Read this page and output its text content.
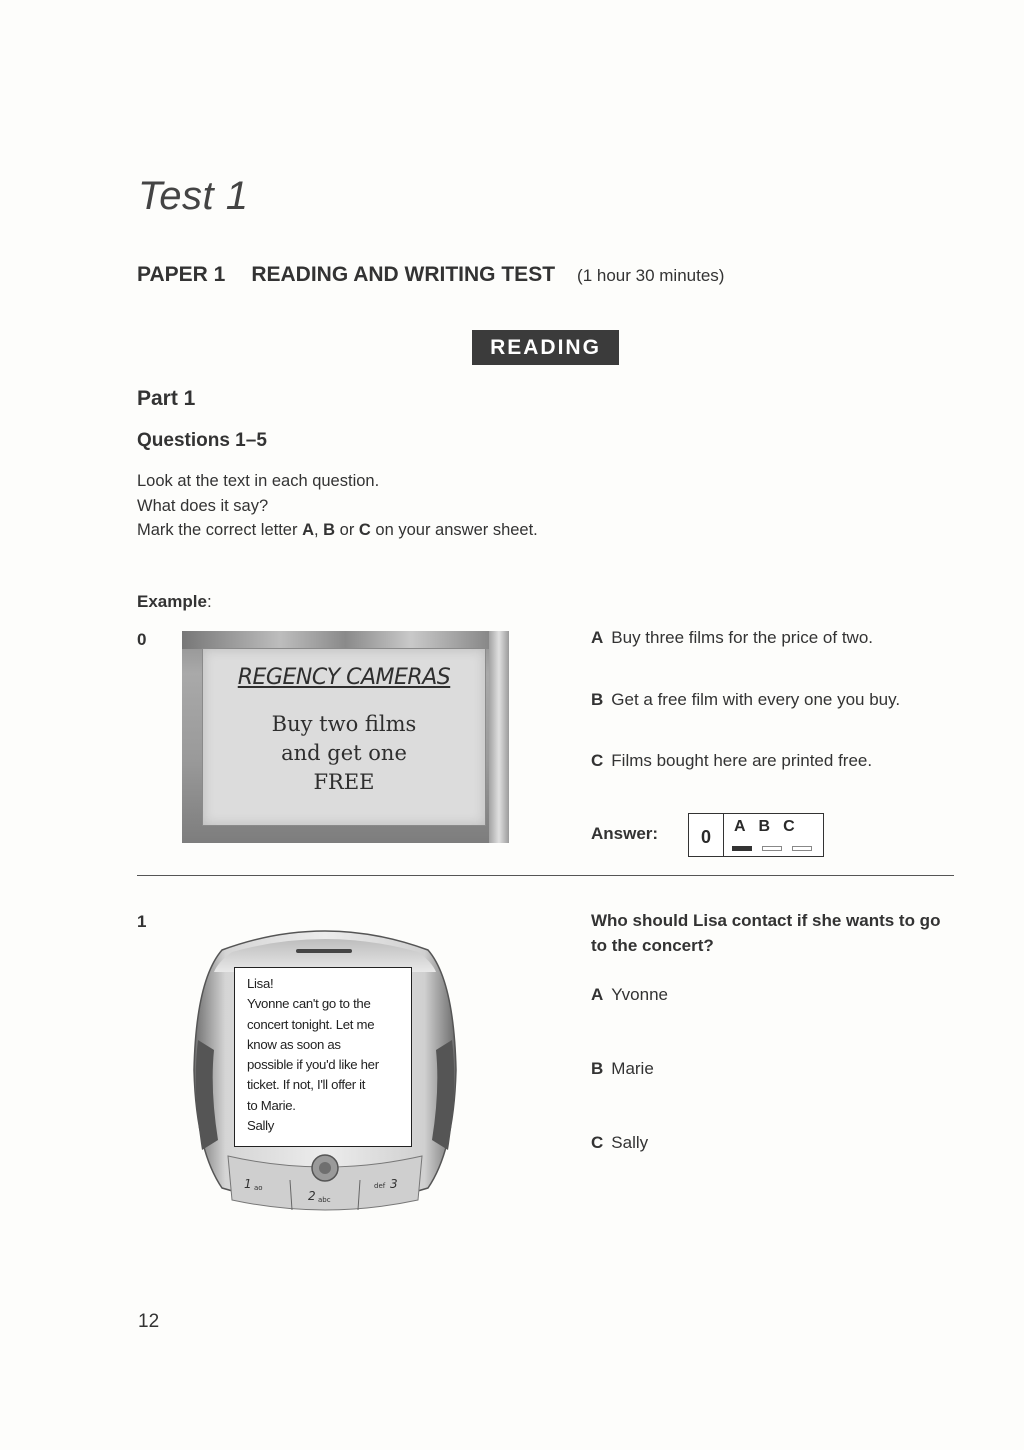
Test 1
PAPER 1 READING AND WRITING TEST (1 hour 30 minutes)
READING
Part 1
Questions 1–5

Look at the text in each question.

What does it say?

Mark the correct letter A, B or C on your answer sheet.

Example:
0
REGENCY CAMERAS
Buy two films
and get one
FREE
A Buy three films for the price of two.
B Get a free film with every one you buy.
C Films bought here are printed free.
Answer:	0
ABC
1
1 ao
2 abc
def 3
Lisa!
Yvonne can't go to the
concert tonight. Let me
know as soon as
possible if you'd like her
ticket. If not, I'll offer it
to Marie.
Sally
Who should Lisa contact if she wants to go to the concert?
A Yvonne
B Marie
C Sally
12
